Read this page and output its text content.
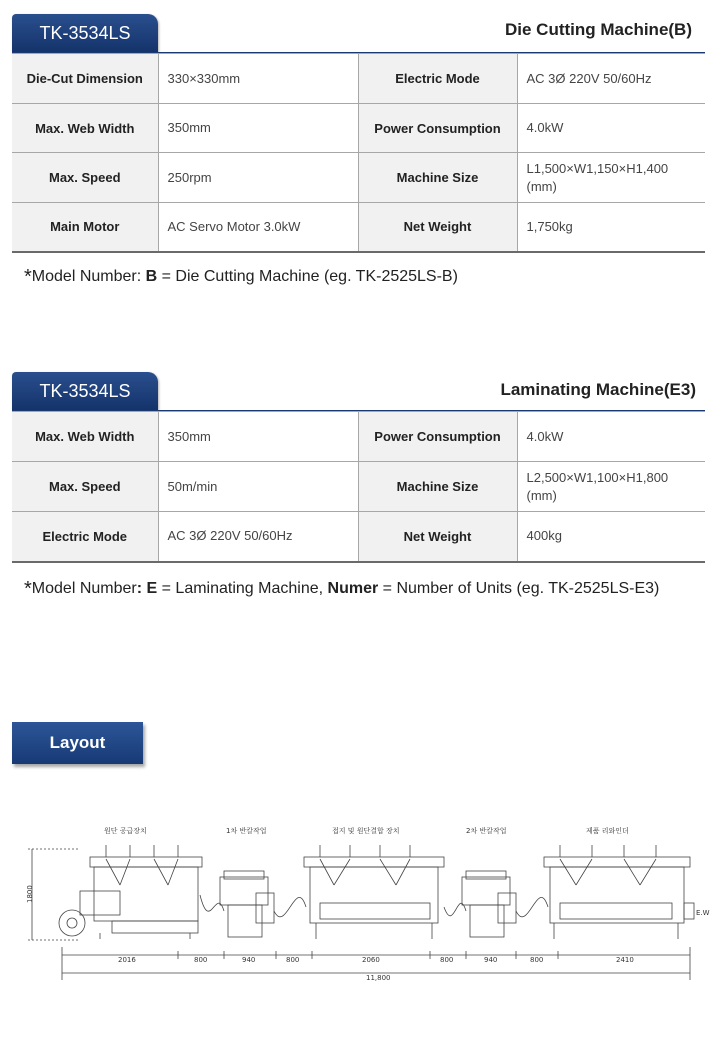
TK-3534LS	Die Cutting Machine(B)
Die-Cut Dimension	330×330mm	Electric Mode	AC 3Ø 220V 50/60Hz
Max. Web Width	350mm	Power Consumption	4.0kW
Max. Speed	250rpm	Machine Size	L1,500×W1,150×H1,400 (mm)
Main Motor	AC Servo Motor 3.0kW	Net Weight	1,750kg
*Model Number: B = Die Cutting Machine (eg. TK-2525LS-B)
TK-3534LS	Laminating Machine(E3)
Max. Web Width	350mm	Power Consumption	4.0kW
Max. Speed	50m/min	Machine Size	L2,500×W1,100×H1,800 (mm)
Electric Mode	AC 3Ø 220V 50/60Hz	Net Weight	400kg
*Model Number: E = Laminating Machine, Numer = Number of Units (eg. TK-2525LS-E3)
Layout
원단 공급장치	1차 반칼작업	접지 및 원단결합 장치	2차 반칼작업	제품 리와인더
1800
E.W
2016	800	940	800	2060	800	940	800	2410
11,800
